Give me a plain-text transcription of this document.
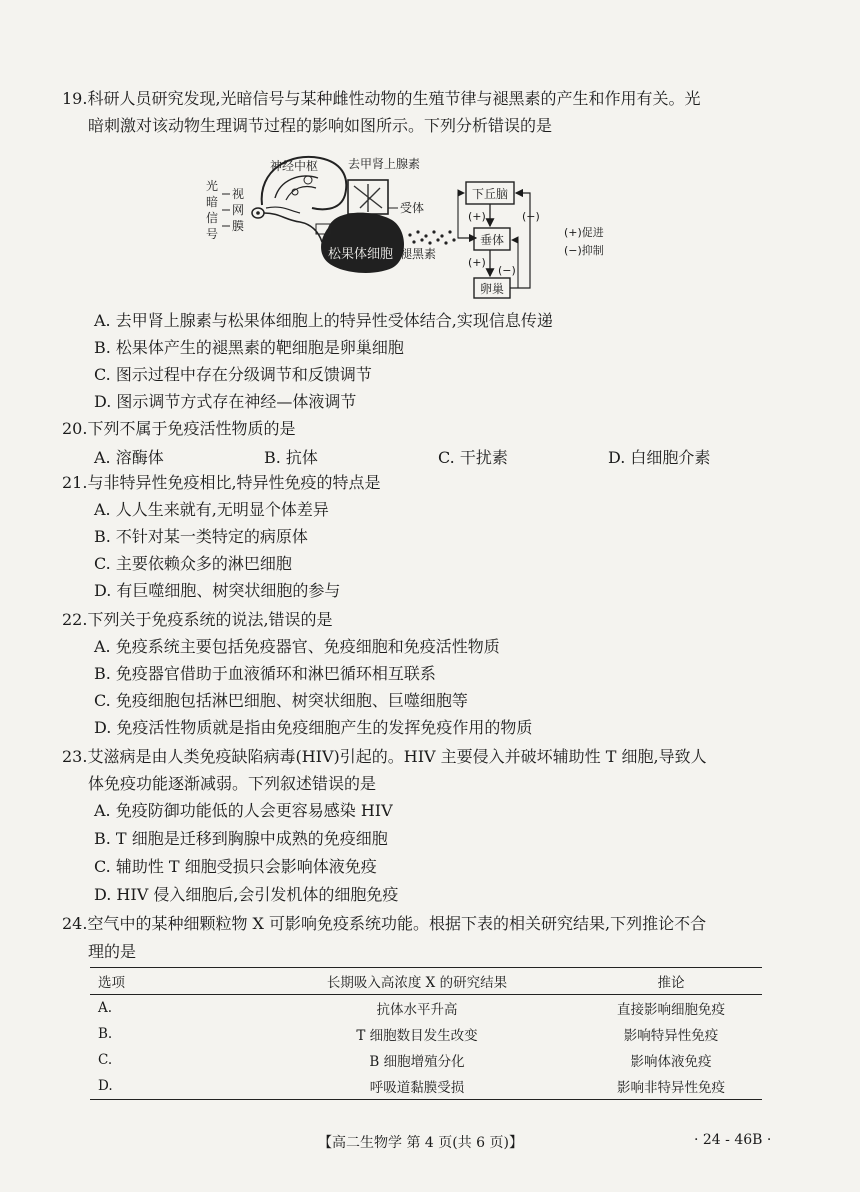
19.科研人员研究发现,光暗信号与某种雌性动物的生殖节律与褪黑素的产生和作用有关。光
暗刺激对该动物生理调节过程的影响如图所示。下列分析错误的是
神经中枢
光
暗
信
号
视
网
膜
去甲肾上腺素
受体
松果体细胞 褪黑素
下丘脑
垂体
卵巢
(+)
(+)
(−)
(−)
(+)促进
(−)抑制
A. 去甲肾上腺素与松果体细胞上的特异性受体结合,实现信息传递
B. 松果体产生的褪黑素的靶细胞是卵巢细胞
C. 图示过程中存在分级调节和反馈调节
D. 图示调节方式存在神经—体液调节
20.下列不属于免疫活性物质的是
A. 溶酶体	B. 抗体	C. 干扰素	D. 白细胞介素
21.与非特异性免疫相比,特异性免疫的特点是
A. 人人生来就有,无明显个体差异
B. 不针对某一类特定的病原体
C. 主要依赖众多的淋巴细胞
D. 有巨噬细胞、树突状细胞的参与
22.下列关于免疫系统的说法,错误的是
A. 免疫系统主要包括免疫器官、免疫细胞和免疫活性物质
B. 免疫器官借助于血液循环和淋巴循环相互联系
C. 免疫细胞包括淋巴细胞、树突状细胞、巨噬细胞等
D. 免疫活性物质就是指由免疫细胞产生的发挥免疫作用的物质
23.艾滋病是由人类免疫缺陷病毒(HIV)引起的。HIV 主要侵入并破坏辅助性 T 细胞,导致人
体免疫功能逐渐减弱。下列叙述错误的是
A. 免疫防御功能低的人会更容易感染 HIV
B. T 细胞是迁移到胸腺中成熟的免疫细胞
C. 辅助性 T 细胞受损只会影响体液免疫
D. HIV 侵入细胞后,会引发机体的细胞免疫
24.空气中的某种细颗粒物 X 可影响免疫系统功能。根据下表的相关研究结果,下列推论不合
理的是
选项	长期吸入高浓度 X 的研究结果	推论
A.	抗体水平升高	直接影响细胞免疫
B.	T 细胞数目发生改变	影响特异性免疫
C.	B 细胞增殖分化	影响体液免疫
D.	呼吸道黏膜受损	影响非特异性免疫
【高二生物学 第 4 页(共 6 页)】	· 24 - 46B ·
